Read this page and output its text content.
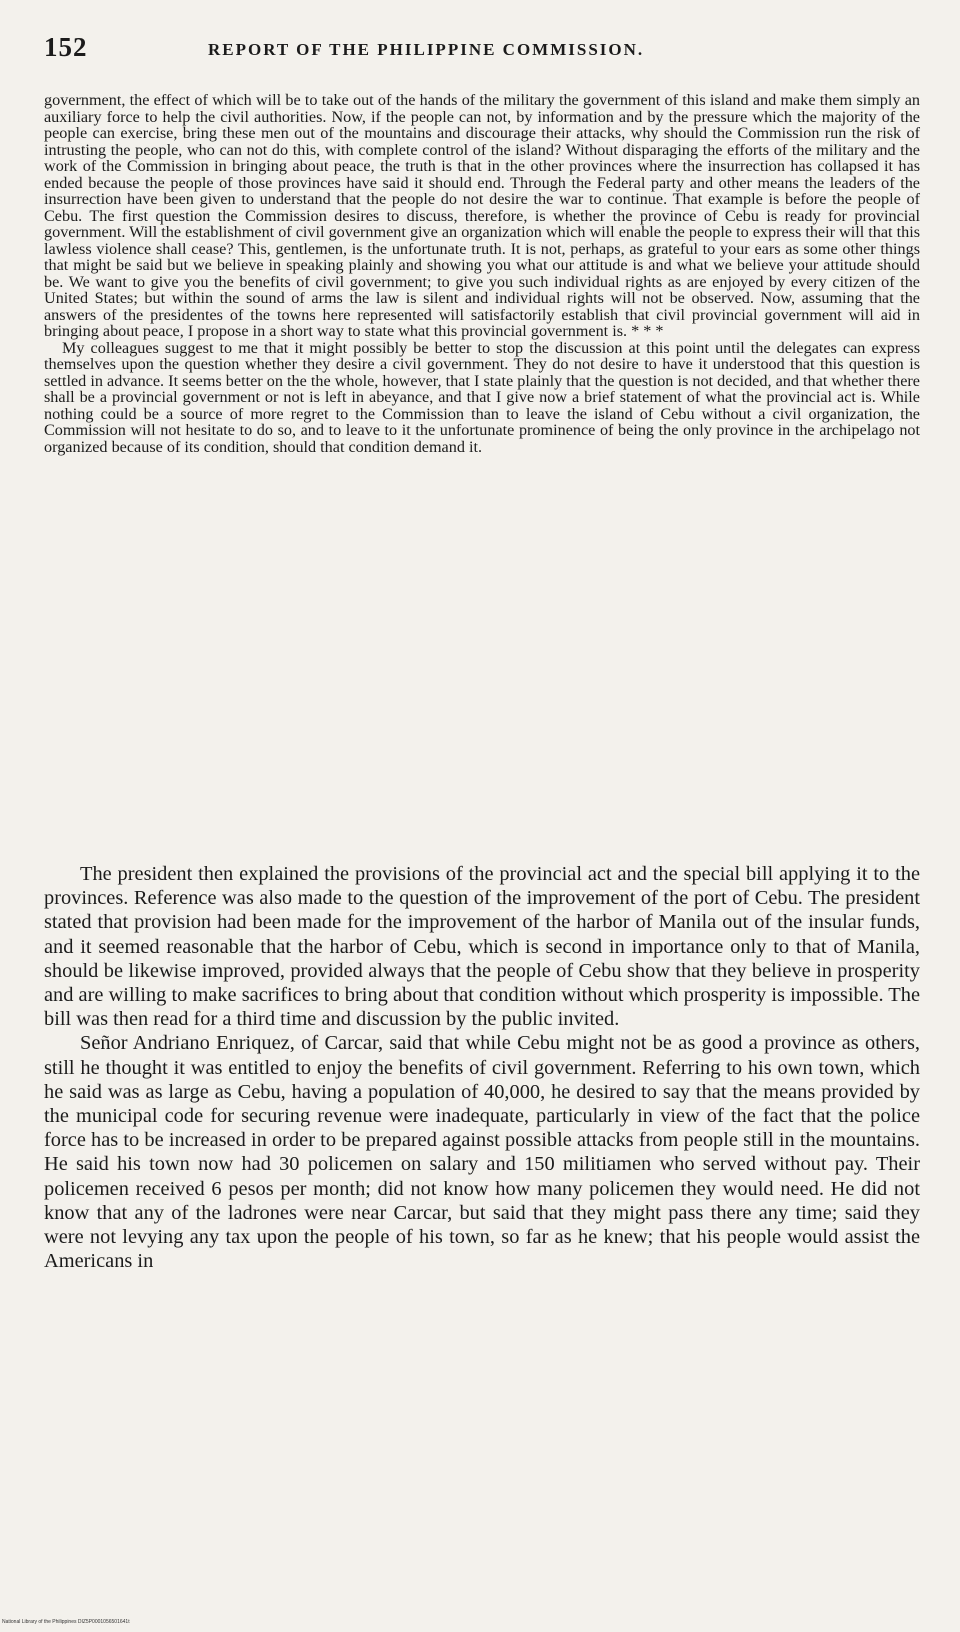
152	REPORT OF THE PHILIPPINE COMMISSION.

government, the effect of which will be to take out of the hands of the military the government of this island and make them simply an auxiliary force to help the civil authorities. Now, if the people can not, by information and by the pressure which the majority of the people can exercise, bring these men out of the mountains and discourage their attacks, why should the Commission run the risk of intrusting the people, who can not do this, with complete control of the island? Without disparaging the efforts of the military and the work of the Commission in bringing about peace, the truth is that in the other provinces where the insurrection has collapsed it has ended because the people of those provinces have said it should end. Through the Federal party and other means the leaders of the insurrection have been given to understand that the people do not desire the war to continue. That example is before the people of Cebu. The first question the Commission desires to discuss, therefore, is whether the province of Cebu is ready for provincial government. Will the establishment of civil government give an organization which will enable the people to express their will that this lawless violence shall cease? This, gentlemen, is the unfortunate truth. It is not, perhaps, as grateful to your ears as some other things that might be said but we believe in speaking plainly and showing you what our attitude is and what we believe your attitude should be. We want to give you the benefits of civil government; to give you such individual rights as are enjoyed by every citizen of the United States; but within the sound of arms the law is silent and individual rights will not be observed. Now, assuming that the answers of the presidentes of the towns here represented will satisfactorily establish that civil provincial government will aid in bringing about peace, I propose in a short way to state what this provincial government is. * * *

My colleagues suggest to me that it might possibly be better to stop the discussion at this point until the delegates can express themselves upon the question whether they desire a civil government. They do not desire to have it understood that this question is settled in advance. It seems better on the the whole, however, that I state plainly that the question is not decided, and that whether there shall be a provincial government or not is left in abeyance, and that I give now a brief statement of what the provincial act is. While nothing could be a source of more regret to the Commission than to leave the island of Cebu without a civil organization, the Commission will not hesitate to do so, and to leave to it the unfortunate prominence of being the only province in the archipelago not organized because of its condition, should that condition demand it.

The president then explained the provisions of the provincial act and the special bill applying it to the provinces. Reference was also made to the question of the improvement of the port of Cebu. The president stated that provision had been made for the improvement of the harbor of Manila out of the insular funds, and it seemed reasonable that the harbor of Cebu, which is second in importance only to that of Manila, should be likewise improved, provided always that the people of Cebu show that they believe in prosperity and are willing to make sacrifices to bring about that condition without which prosperity is impossible. The bill was then read for a third time and discussion by the public invited.

Señor Andriano Enriquez, of Carcar, said that while Cebu might not be as good a province as others, still he thought it was entitled to enjoy the benefits of civil government. Referring to his own town, which he said was as large as Cebu, having a population of 40,000, he desired to say that the means provided by the municipal code for securing revenue were inadequate, particularly in view of the fact that the police force has to be increased in order to be prepared against possible attacks from people still in the mountains. He said his town now had 30 policemen on salary and 150 militiamen who served without pay. Their policemen received 6 pesos per month; did not know how many policemen they would need. He did not know that any of the ladrones were near Carcar, but said that they might pass there any time; said they were not levying any tax upon the people of his town, so far as he knew; that his people would assist the Americans in

National Library of the Philippines DIZ5P0001056501641t
